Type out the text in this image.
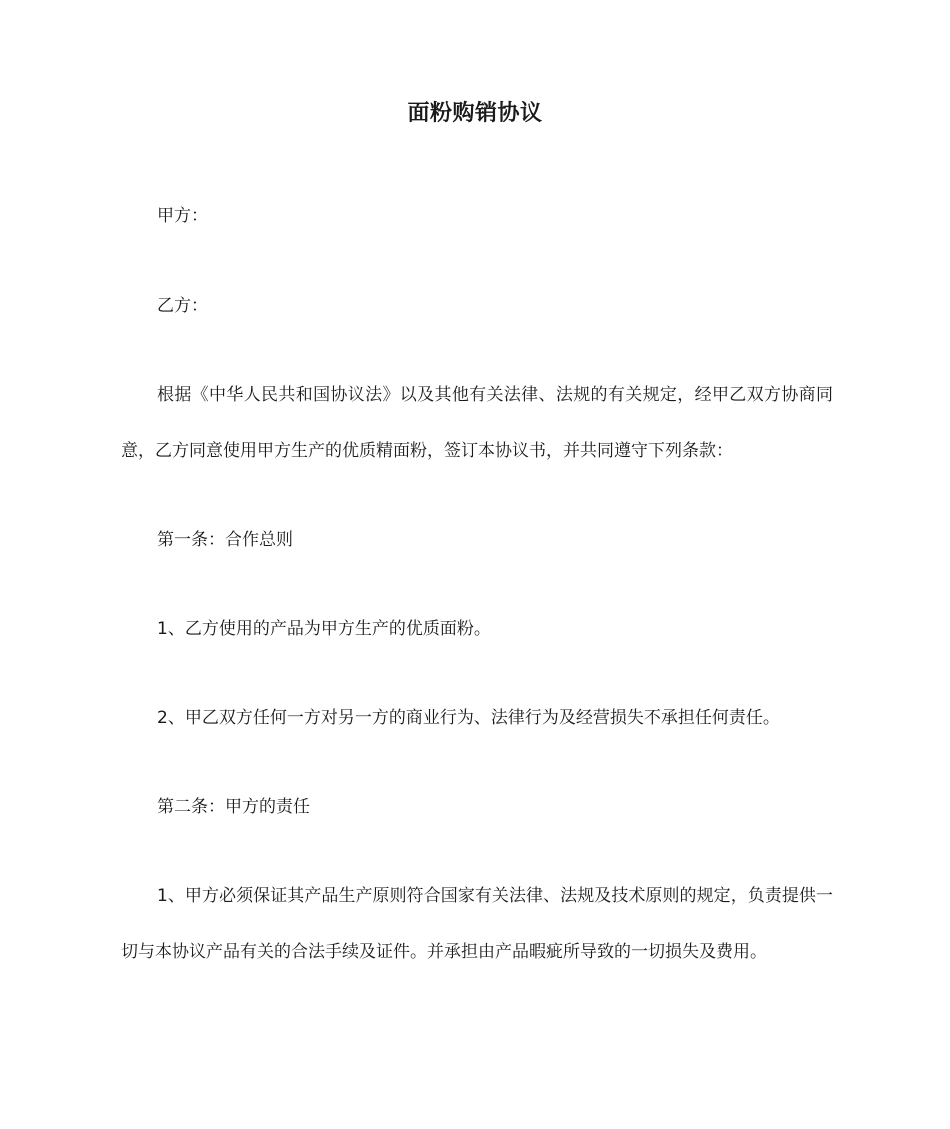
面粉购销协议

甲方：

乙方：

根据《中华人民共和国协议法》以及其他有关法律、法规的有关规定，经甲乙双方协商同意，乙方同意使用甲方生产的优质精面粉，签订本协议书，并共同遵守下列条款：

第一条：合作总则

1、乙方使用的产品为甲方生产的优质面粉。

2、甲乙双方任何一方对另一方的商业行为、法律行为及经营损失不承担任何责任。

第二条：甲方的责任

1、甲方必须保证其产品生产原则符合国家有关法律、法规及技术原则的规定，负责提供一切与本协议产品有关的合法手续及证件。并承担由产品暇疵所导致的一切损失及费用。
